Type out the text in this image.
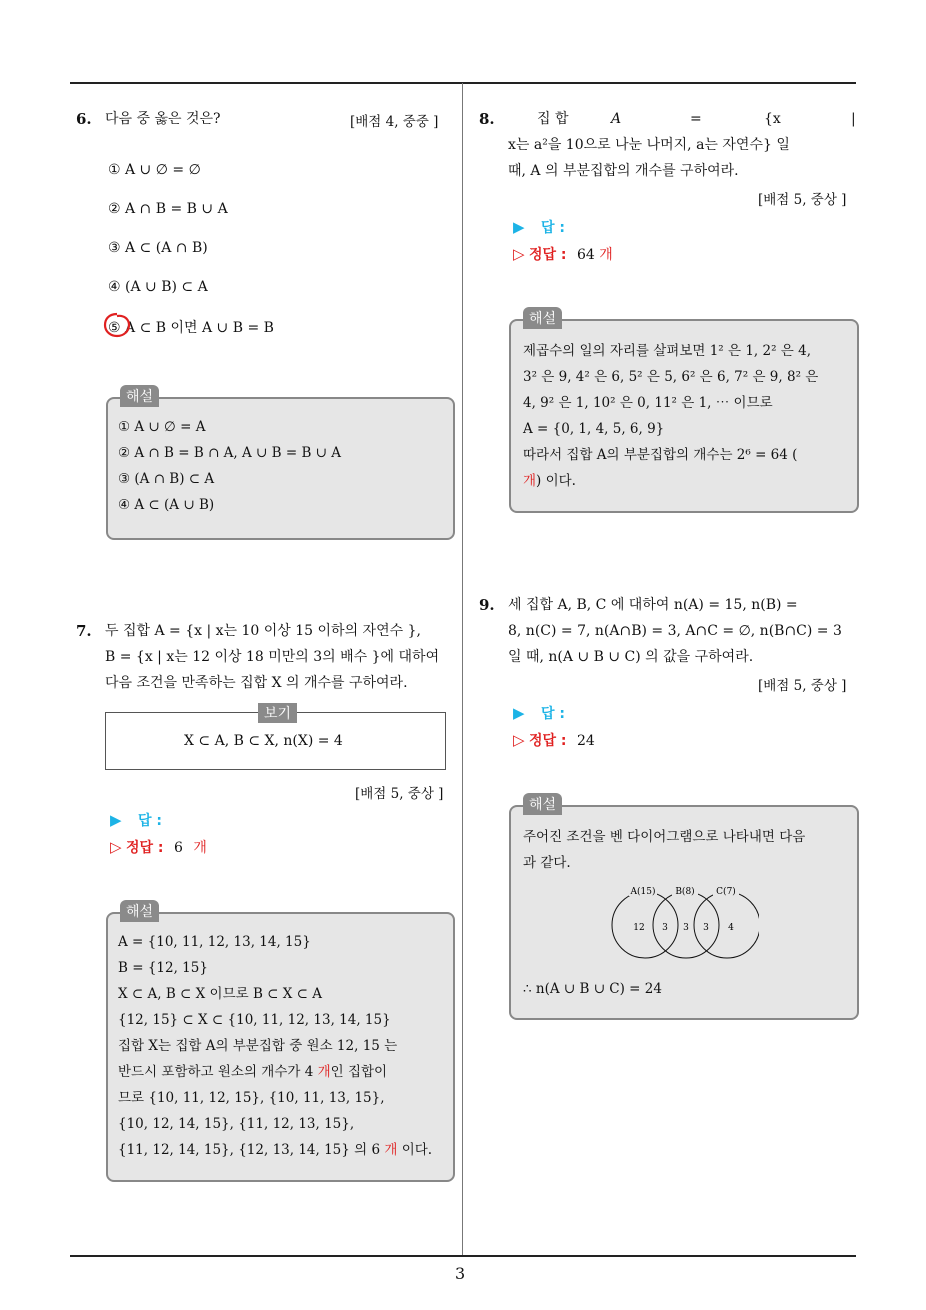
3
6. 다음 중 옳은 것은?	[배점 4, 중중 ]
① A ∪ ∅ = ∅
② A ∩ B = B ∪ A
③ A ⊂ (A ∩ B)
④ (A ∪ B) ⊂ A
⑤ A ⊂ B 이면 A ∪ B = B
해설
① A ∪ ∅ = A
② A ∩ B = B ∩ A, A ∪ B = B ∪ A
③ (A ∩ B) ⊂ A
④ A ⊂ (A ∪ B)
7. 두 집합 A = {x | x는 10 이상 15 이하의 자연수 },
B = {x | x는 12 이상 18 미만의 3의 배수 }에 대하여
다음 조건을 만족하는 집합 X 의 개수를 구하여라.
보기
X ⊂ A, B ⊂ X, n(X) = 4
[배점 5, 중상 ]
▶ 답 :
▷ 정답 : 6 개
해설
A = {10, 11, 12, 13, 14, 15}
B = {12, 15}
X ⊂ A, B ⊂ X 이므로 B ⊂ X ⊂ A
{12, 15} ⊂ X ⊂ {10, 11, 12, 13, 14, 15}
집합 X는 집합 A의 부분집합 중 원소 12, 15 는
반드시 포함하고 원소의 개수가 4 개인 집합이
므로 {10, 11, 12, 15}, {10, 11, 13, 15},
{10, 12, 14, 15}, {11, 12, 13, 15},
{11, 12, 14, 15}, {12, 13, 14, 15} 의 6 개 이다.
8.	집 합	A	=	{x	|
x는 a²을 10으로 나눈 나머지, a는 자연수} 일
때, A 의 부분집합의 개수를 구하여라.
[배점 5, 중상 ]
▶ 답 :
▷ 정답 : 64 개
해설
제곱수의 일의 자리를 살펴보면 1² 은 1, 2² 은 4,
3² 은 9, 4² 은 6, 5² 은 5, 6² 은 6, 7² 은 9, 8² 은
4, 9² 은 1, 10² 은 0, 11² 은 1, ⋯ 이므로
A = {0, 1, 4, 5, 6, 9}
따라서 집합 A의 부분집합의 개수는 2⁶ = 64 (
개) 이다.
9. 세 집합 A, B, C 에 대하여 n(A) = 15, n(B) =
8, n(C) = 7, n(A∩B) = 3, A∩C = ∅, n(B∩C) = 3
일 때, n(A ∪ B ∪ C) 의 값을 구하여라.
[배점 5, 중상 ]
▶ 답 :
▷ 정답 : 24
해설
주어진 조건을 벤 다이어그램으로 나타내면 다음
과 같다.
A(15) B(8) C(7)
12 3 3 3 4
∴ n(A ∪ B ∪ C) = 24
